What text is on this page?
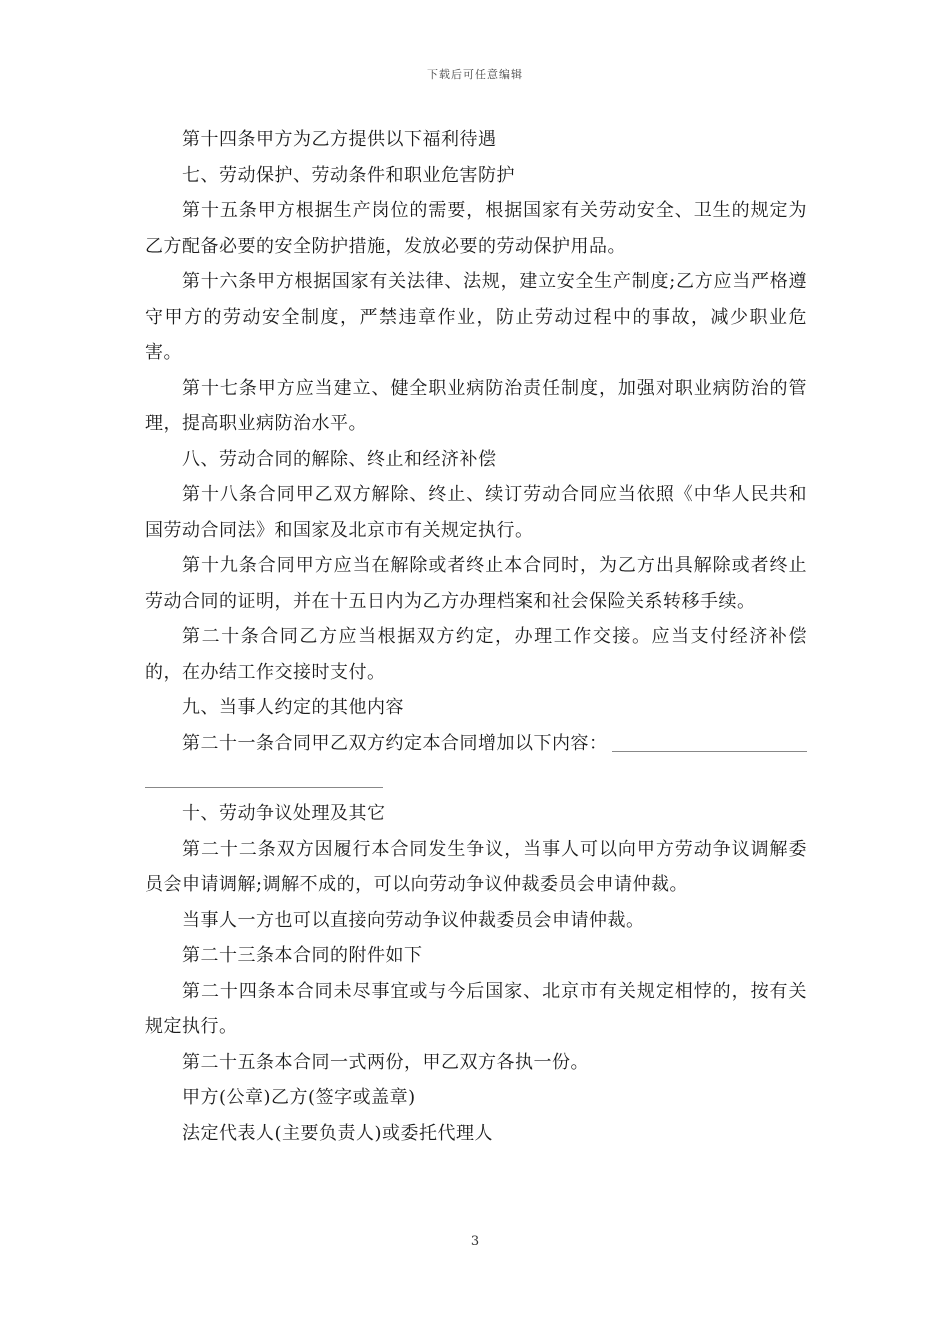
下载后可任意编辑

第十四条甲方为乙方提供以下福利待遇

七、劳动保护、劳动条件和职业危害防护

第十五条甲方根据生产岗位的需要，根据国家有关劳动安全、卫生的规定为乙方配备必要的安全防护措施，发放必要的劳动保护用品。

第十六条甲方根据国家有关法律、法规，建立安全生产制度;乙方应当严格遵守甲方的劳动安全制度，严禁违章作业，防止劳动过程中的事故，减少职业危害。

第十七条甲方应当建立、健全职业病防治责任制度，加强对职业病防治的管理，提高职业病防治水平。

八、劳动合同的解除、终止和经济补偿

第十八条合同甲乙双方解除、终止、续订劳动合同应当依照《中华人民共和国劳动合同法》和国家及北京市有关规定执行。

第十九条合同甲方应当在解除或者终止本合同时，为乙方出具解除或者终止劳动合同的证明，并在十五日内为乙方办理档案和社会保险关系转移手续。

第二十条合同乙方应当根据双方约定，办理工作交接。应当支付经济补偿的，在办结工作交接时支付。

九、当事人约定的其他内容

第二十一条合同甲乙双方约定本合同增加以下内容：

十、劳动争议处理及其它

第二十二条双方因履行本合同发生争议，当事人可以向甲方劳动争议调解委员会申请调解;调解不成的，可以向劳动争议仲裁委员会申请仲裁。

当事人一方也可以直接向劳动争议仲裁委员会申请仲裁。

第二十三条本合同的附件如下

第二十四条本合同未尽事宜或与今后国家、北京市有关规定相悖的，按有关规定执行。

第二十五条本合同一式两份，甲乙双方各执一份。

甲方(公章)乙方(签字或盖章)

法定代表人(主要负责人)或委托代理人

3
